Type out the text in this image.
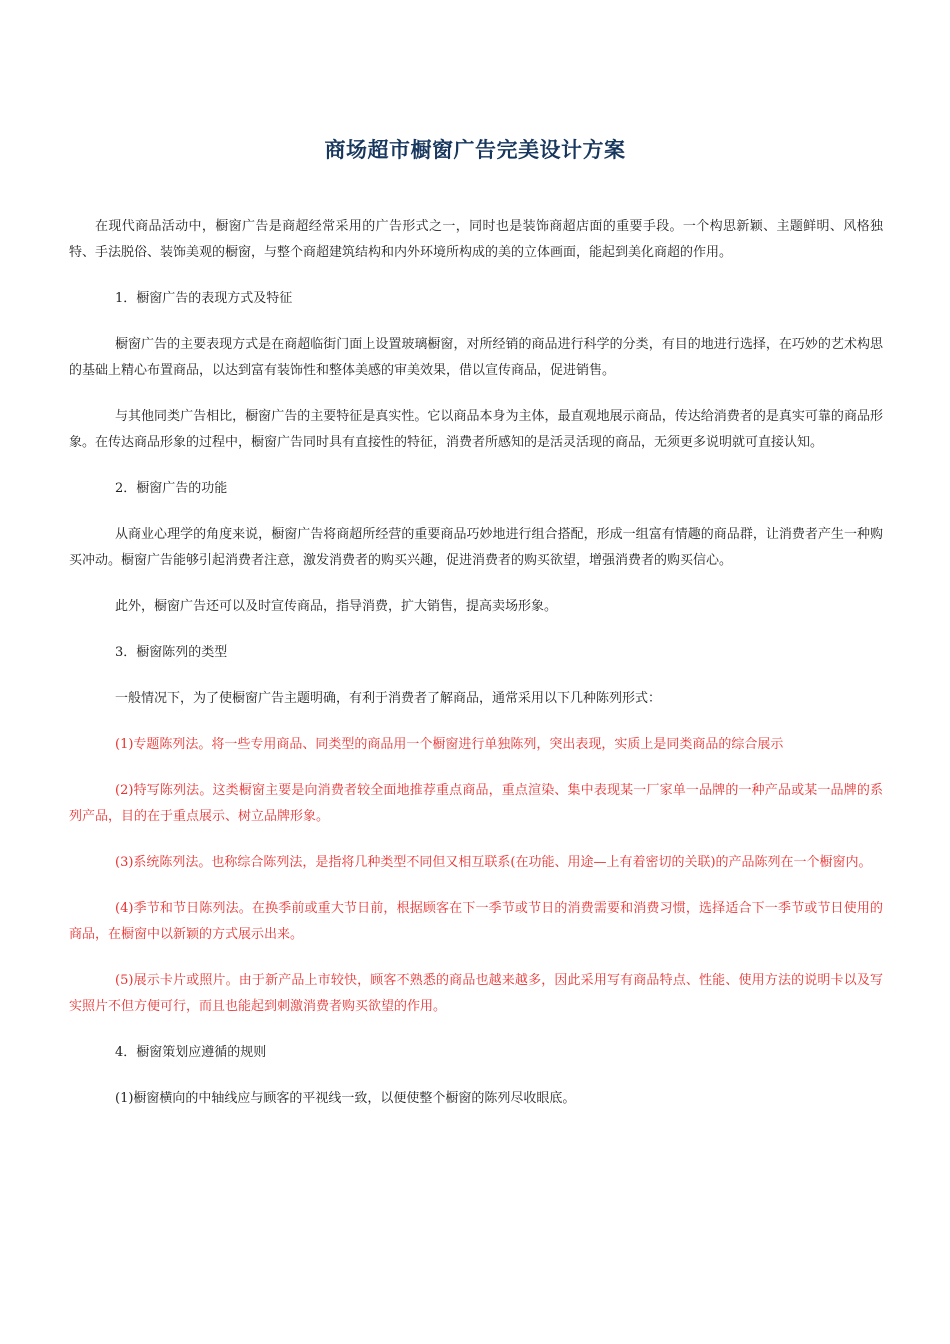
商场超市橱窗广告完美设计方案

在现代商品活动中，橱窗广告是商超经常采用的广告形式之一，同时也是装饰商超店面的重要手段。一个构思新颖、主题鲜明、风格独特、手法脱俗、装饰美观的橱窗，与整个商超建筑结构和内外环境所构成的美的立体画面，能起到美化商超的作用。

1．橱窗广告的表现方式及特征

橱窗广告的主要表现方式是在商超临街门面上设置玻璃橱窗，对所经销的商品进行科学的分类，有目的地进行选择，在巧妙的艺术构思的基础上精心布置商品，以达到富有装饰性和整体美感的审美效果，借以宣传商品，促进销售。

与其他同类广告相比，橱窗广告的主要特征是真实性。它以商品本身为主体，最直观地展示商品，传达给消费者的是真实可靠的商品形象。在传达商品形象的过程中，橱窗广告同时具有直接性的特征，消费者所感知的是活灵活现的商品，无须更多说明就可直接认知。

2．橱窗广告的功能

从商业心理学的角度来说，橱窗广告将商超所经营的重要商品巧妙地进行组合搭配，形成一组富有情趣的商品群，让消费者产生一种购买冲动。橱窗广告能够引起消费者注意，激发消费者的购买兴趣，促进消费者的购买欲望，增强消费者的购买信心。

此外，橱窗广告还可以及时宣传商品，指导消费，扩大销售，提高卖场形象。

3．橱窗陈列的类型

一般情况下，为了使橱窗广告主题明确，有利于消费者了解商品，通常采用以下几种陈列形式：

(1)专题陈列法。将一些专用商品、同类型的商品用一个橱窗进行单独陈列，突出表现，实质上是同类商品的综合展示

(2)特写陈列法。这类橱窗主要是向消费者较全面地推荐重点商品，重点渲染、集中表现某一厂家单一品牌的一种产品或某一品牌的系列产品，目的在于重点展示、树立品牌形象。

(3)系统陈列法。也称综合陈列法，是指将几种类型不同但又相互联系(在功能、用途—上有着密切的关联)的产品陈列在一个橱窗内。

(4)季节和节日陈列法。在换季前或重大节日前，根据顾客在下一季节或节日的消费需要和消费习惯，选择适合下一季节或节日使用的商品，在橱窗中以新颖的方式展示出来。

(5)展示卡片或照片。由于新产品上市较快，顾客不熟悉的商品也越来越多，因此采用写有商品特点、性能、使用方法的说明卡以及写实照片不但方便可行，而且也能起到刺激消费者购买欲望的作用。

4．橱窗策划应遵循的规则

(1)橱窗横向的中轴线应与顾客的平视线一致，以便使整个橱窗的陈列尽收眼底。
